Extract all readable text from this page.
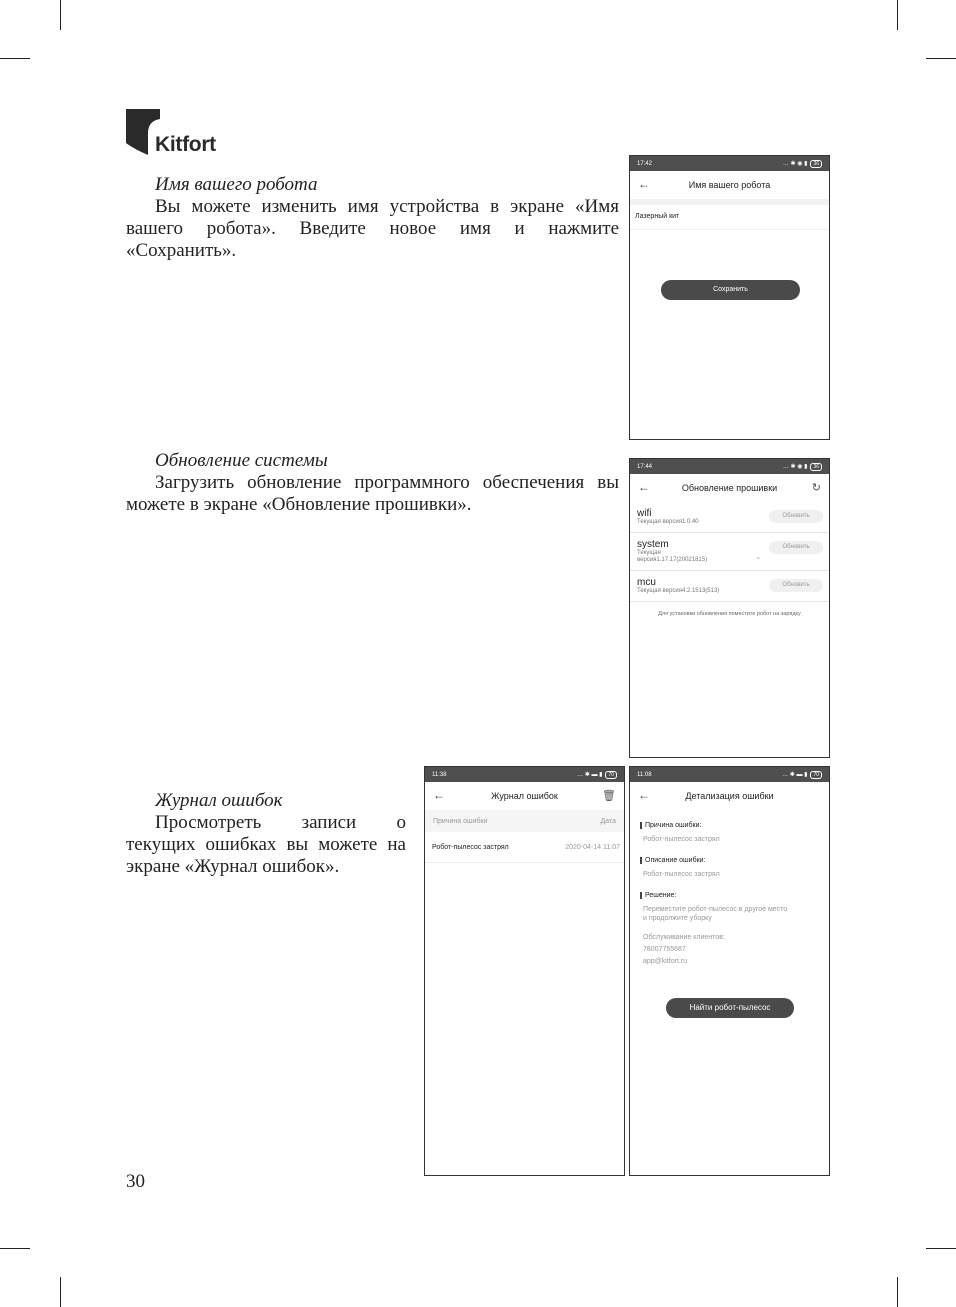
Kitfort
Имя вашего робота
Вы можете изменить имя устройства в экране «Имя вашего робота». Введите новое имя и нажмите «Сохранить».
Обновление системы
Загрузить обновление программного обеспечения вы можете в экране «Обновление прошивки».
Журнал ошибок
Просмотреть записи о текущих ошибках вы можете на экране «Журнал ошибок».
30
17:42	… ✱ ◉ ▮	36
←	Имя вашего робота
Лазерный кит
Сохранить
17:44	… ✱ ◉ ▮	36
←	Обновление прошивки	↻
wifi
Текущая версия1.0.40
Обновить
system
Текущая версия1.17.17(20021815)
Обновить
⌄
mcu
Текущая версия4.2.1513(513)
Обновить
Для установки обновления поместите робот на зарядку
11:38	… ✱ ▬ ▮	70
←	Журнал ошибок	🗑
Причина ошибки	Дата
Робот-пылесос застрял	2020-04-14 11:07
11:08	… ✱ ▬ ▮	70
←	Детализация ошибки
Причина ошибки:
Робот-пылесос застрял
Описание ошибки:
Робот-пылесос застрял
Решение:
Переместите робот-пылесос в другое место и продолжите уборку
Обслуживание клиентов:
78007755687
app@kitfort.ru
Найти робот-пылесос
